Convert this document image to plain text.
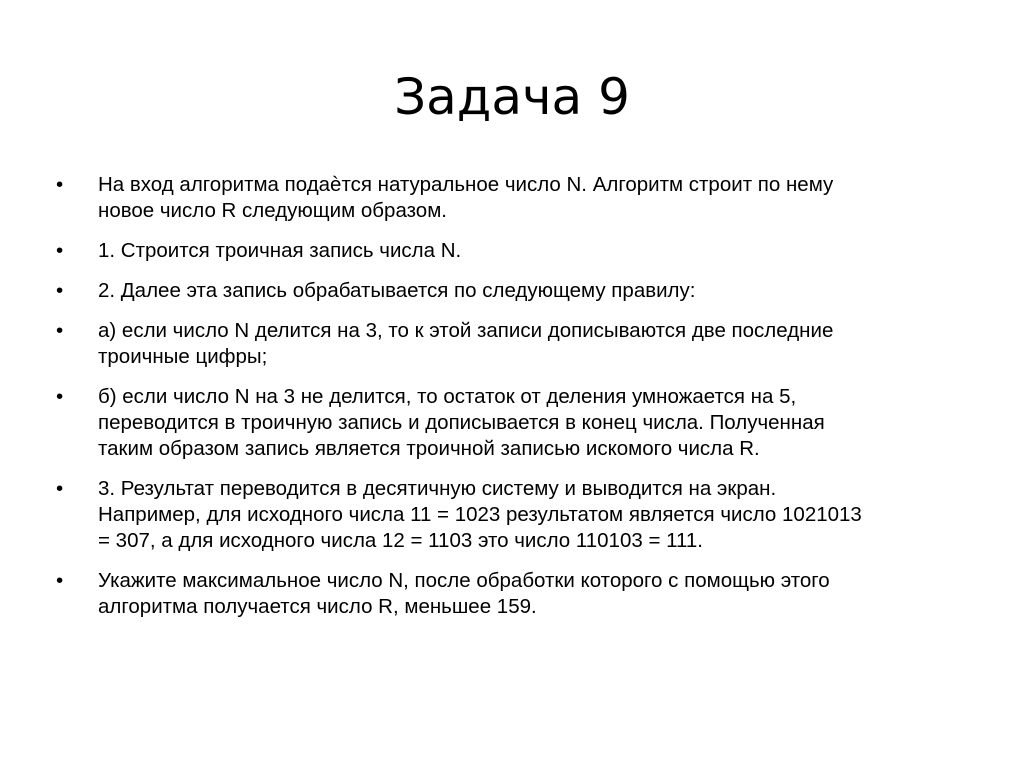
Задача 9
•	На вход алгоритма подаѐтся натуральное число N. Алгоритм строит по нему
новое число R следующим образом.
•	1. Строится троичная запись числа N.
•	2. Далее эта запись обрабатывается по следующему правилу:
•	а) если число N делится на 3, то к этой записи дописываются две последние
троичные цифры;
•	б) если число N на 3 не делится, то остаток от деления умножается на 5,
переводится в троичную запись и дописывается в конец числа. Полученная
таким образом запись является троичной записью искомого числа R.
•	3. Результат переводится в десятичную систему и выводится на экран.
Например, для исходного числа 11 = 1023 результатом является число 1021013
= 307, а для исходного числа 12 = 1103 это число 110103 = 111.
•	Укажите максимальное число N, после обработки которого с помощью этого
алгоритма получается число R, меньшее 159.
